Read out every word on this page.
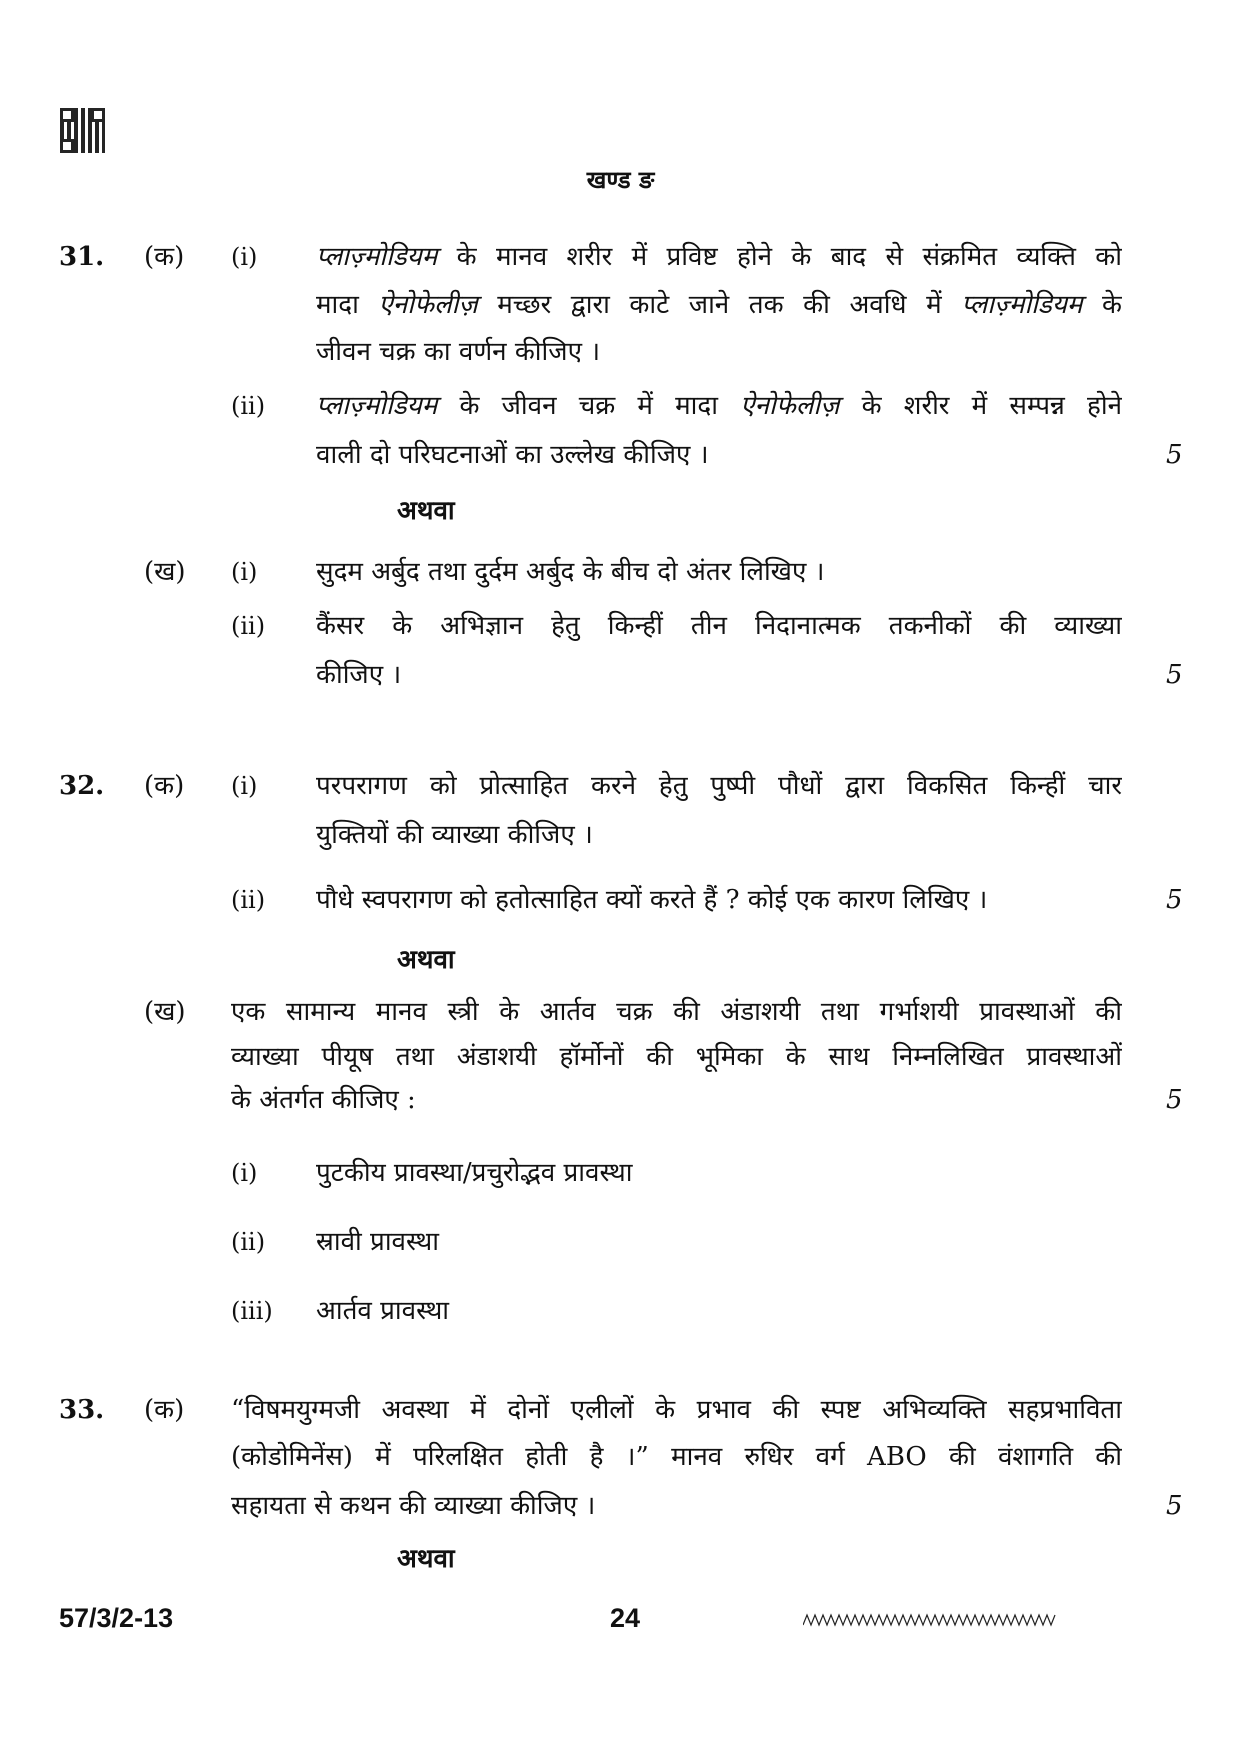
खण्ड ङ
31. (क) (i) प्लाज़्मोडियम के मानव शरीर में प्रविष्ट होने के बाद से संक्रमित व्यक्ति को
मादा ऐनोफेलीज़ मच्छर द्वारा काटे जाने तक की अवधि में प्लाज़्मोडियम के
जीवन चक्र का वर्णन कीजिए ।
(ii) प्लाज़्मोडियम के जीवन चक्र में मादा ऐनोफेलीज़ के शरीर में सम्पन्न होने
वाली दो परिघटनाओं का उल्लेख कीजिए ।	5
अथवा
(ख) (i) सुदम अर्बुद तथा दुर्दम अर्बुद के बीच दो अंतर लिखिए ।
(ii) कैंसर के अभिज्ञान हेतु किन्हीं तीन निदानात्मक तकनीकों की व्याख्या
कीजिए ।	5
32. (क) (i) परपरागण को प्रोत्साहित करने हेतु पुष्पी पौधों द्वारा विकसित किन्हीं चार
युक्तियों की व्याख्या कीजिए ।
(ii) पौधे स्वपरागण को हतोत्साहित क्यों करते हैं ? कोई एक कारण लिखिए ।	5
अथवा
(ख) एक सामान्य मानव स्त्री के आर्तव चक्र की अंडाशयी तथा गर्भाशयी प्रावस्थाओं की
व्याख्या पीयूष तथा अंडाशयी हॉर्मोनों की भूमिका के साथ निम्नलिखित प्रावस्थाओं
के अंतर्गत कीजिए :	5
(i) पुटकीय प्रावस्था/प्रचुरोद्भव प्रावस्था
(ii) स्रावी प्रावस्था
(iii) आर्तव प्रावस्था
33. (क) “विषमयुग्मजी अवस्था में दोनों एलीलों के प्रभाव की स्पष्ट अभिव्यक्ति सहप्रभाविता
(कोडोमिनेंस) में परिलक्षित होती है ।” मानव रुधिर वर्ग ABO की वंशागति की
सहायता से कथन की व्याख्या कीजिए ।	5
अथवा
57/3/2-13	24
